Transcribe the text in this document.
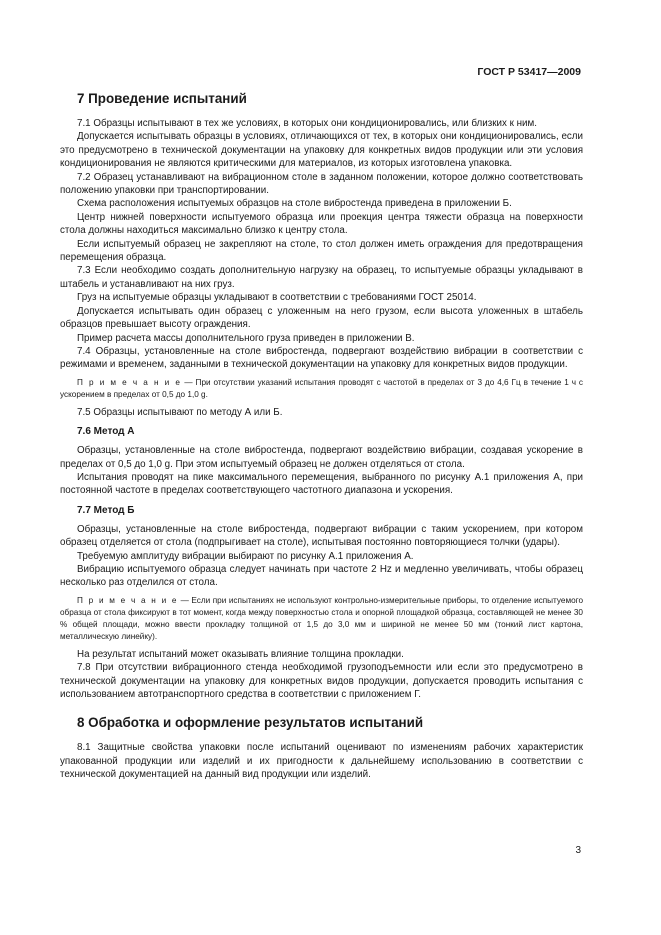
ГОСТ Р 53417—2009
7 Проведение испытаний

7.1 Образцы испытывают в тех же условиях, в которых они кондиционировались, или близких к ним.

Допускается испытывать образцы в условиях, отличающихся от тех, в которых они кондиционировались, если это предусмотрено в технической документации на упаковку для конкретных видов продукции или эти условия кондиционирования не являются критическими для материалов, из которых изготовлена упаковка.

7.2 Образец устанавливают на вибрационном столе в заданном положении, которое должно соответствовать положению упаковки при транспортировании.

Схема расположения испытуемых образцов на столе вибростенда приведена в приложении Б.

Центр нижней поверхности испытуемого образца или проекция центра тяжести образца на поверхности стола должны находиться максимально близко к центру стола.

Если испытуемый образец не закрепляют на столе, то стол должен иметь ограждения для предотвращения перемещения образца.

7.3 Если необходимо создать дополнительную нагрузку на образец, то испытуемые образцы укладывают в штабель и устанавливают на них груз.

Груз на испытуемые образцы укладывают в соответствии с требованиями ГОСТ 25014.

Допускается испытывать один образец с уложенным на него грузом, если высота уложенных в штабель образцов превышает высоту ограждения.

Пример расчета массы дополнительного груза приведен в приложении В.

7.4 Образцы, установленные на столе вибростенда, подвергают воздействию вибрации в соответствии с режимами и временем, заданными в технической документации на упаковку для конкретных видов продукции.

П р и м е ч а н и е — При отсутствии указаний испытания проводят с частотой в пределах от 3 до 4,6 Гц в течение 1 ч с ускорением в пределах от 0,5 до 1,0 g.

7.5 Образцы испытывают по методу А или Б.

7.6 Метод А

Образцы, установленные на столе вибростенда, подвергают воздействию вибрации, создавая ускорение в пределах от 0,5 до 1,0 g. При этом испытуемый образец не должен отделяться от стола.

Испытания проводят на пике максимального перемещения, выбранного по рисунку А.1 приложения А, при постоянной частоте в пределах соответствующего частотного диапазона и ускорения.

7.7 Метод Б

Образцы, установленные на столе вибростенда, подвергают вибрации с таким ускорением, при котором образец отделяется от стола (подпрыгивает на столе), испытывая постоянно повторяющиеся толчки (удары).

Требуемую амплитуду вибрации выбирают по рисунку А.1 приложения А.

Вибрацию испытуемого образца следует начинать при частоте 2 Hz и медленно увеличивать, чтобы образец несколько раз отделился от стола.

П р и м е ч а н и е — Если при испытаниях не используют контрольно-измерительные приборы, то отделение испытуемого образца от стола фиксируют в тот момент, когда между поверхностью стола и опорной площадкой образца, составляющей не менее 30 % общей площади, можно ввести прокладку толщиной от 1,5 до 3,0 мм и шириной не менее 50 мм (тонкий лист картона, металлическую линейку).

На результат испытаний может оказывать влияние толщина прокладки.

7.8 При отсутствии вибрационного стенда необходимой грузоподъемности или если это предусмотрено в технической документации на упаковку для конкретных видов продукции, допускается проводить испытания с использованием автотранспортного средства в соответствии с приложением Г.

8 Обработка и оформление результатов испытаний

8.1 Защитные свойства упаковки после испытаний оценивают по изменениям рабочих характеристик упакованной продукции или изделий и их пригодности к дальнейшему использованию в соответствии с технической документацией на данный вид продукции или изделий.

3
